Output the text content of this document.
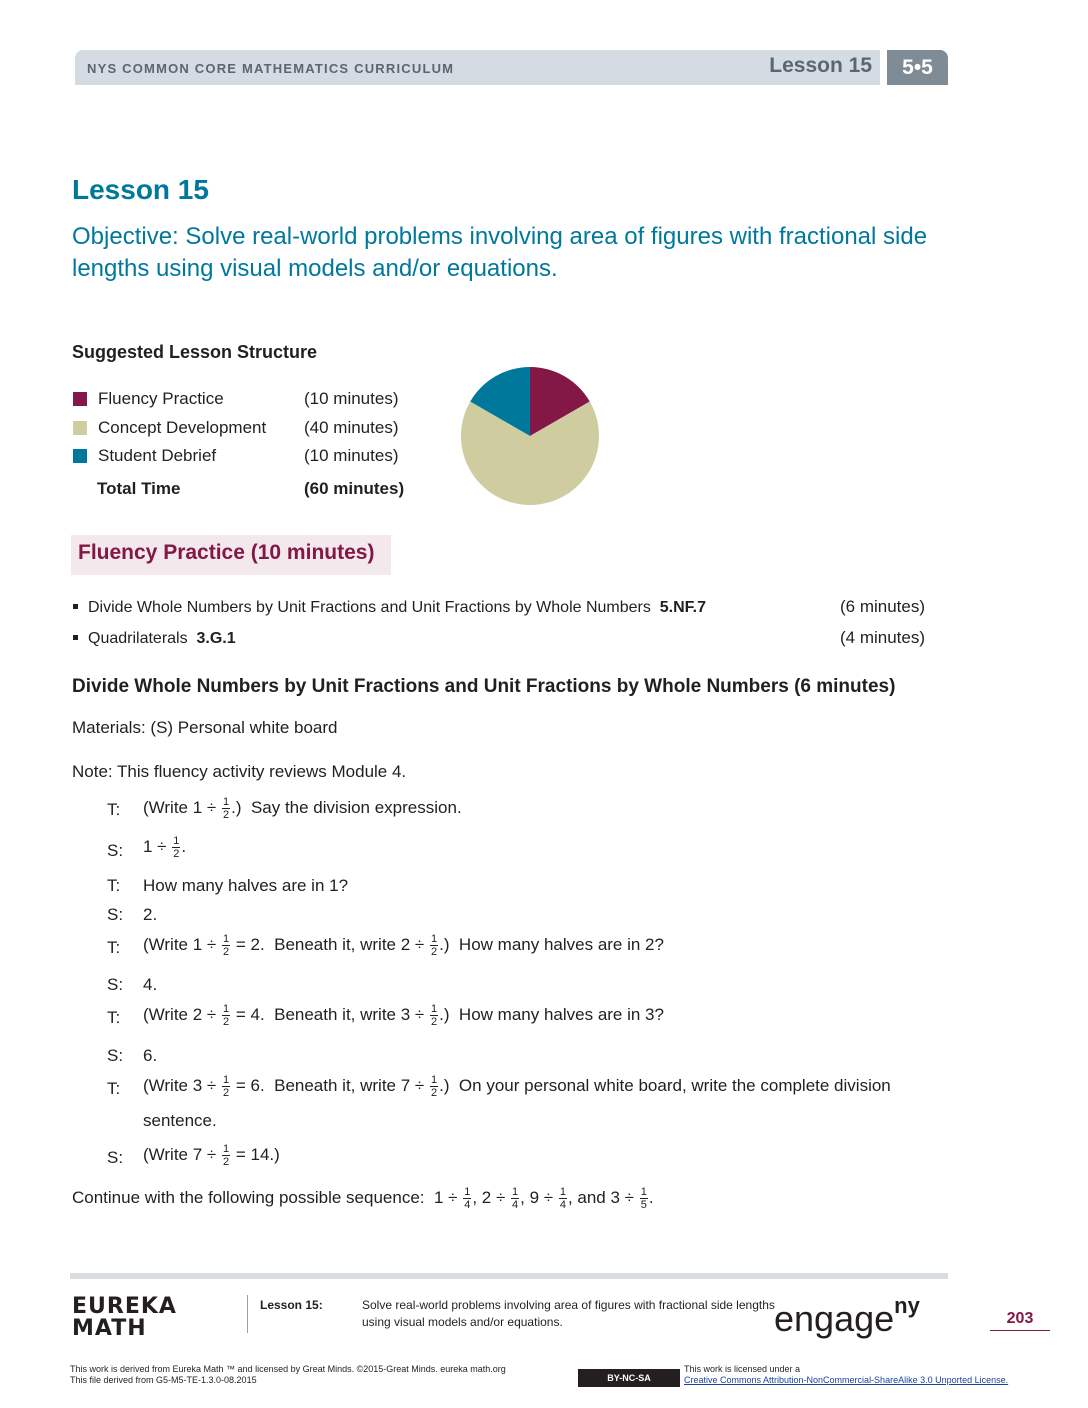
NYS COMMON CORE MATHEMATICS CURRICULUM	Lesson 15	5•5
Lesson 15
Objective: Solve real-world problems involving area of figures with fractional side lengths using visual models and/or equations.
Suggested Lesson Structure
Fluency Practice	(10 minutes)
Concept Development (40 minutes)
Student Debrief	(10 minutes)
Total Time	(60 minutes)
Fluency Practice (10 minutes)
Divide Whole Numbers by Unit Fractions and Unit Fractions by Whole Numbers 5.NF.7	(6 minutes)
Quadrilaterals 3.G.1	(4 minutes)
Divide Whole Numbers by Unit Fractions and Unit Fractions by Whole Numbers (6 minutes)
Materials: (S) Personal white board
Note: This fluency activity reviews Module 4.
T: (Write $1 \div \frac{1}{2}$ .)  Say the division expression.
S: $1 \div \frac{1}{2}$ .
T: How many halves are in 1?
S: 2.
T: (Write $1 \div \frac{1}{2} = 2$.  Beneath it, write $2 \div \frac{1}{2}$ .)  How many halves are in 2?
S: 4.
T: (Write $2 \div \frac{1}{2} = 4$.  Beneath it, write $3 \div \frac{1}{2}$ .)  How many halves are in 3?
S: 6.
T: (Write $3 \div \frac{1}{2} = 6$.  Beneath it, write $7 \div \frac{1}{2}$ .)  On your personal white board, write the complete division
sentence.
S: (Write $7 \div \frac{1}{2} = 14$.)
Continue with the following possible sequence:  $1 \div \frac{1}{4}$ , $2 \div \frac{1}{4}$ , $9 \div \frac{1}{4}$ , and $3 \div \frac{1}{5}$ .
EUREKA
MATH
Lesson 15:	Solve real-world problems involving area of figures with fractional side lengths using visual models and/or equations.	engage$^{ny}$
203
This work is derived from Eureka Math ™ and licensed by Great Minds. ©2015-Great Minds. eureka math.org
This file derived from G5-M5-TE-1.3.0-08.2015	BY-NC-SA
This work is licensed under a
Creative Commons Attribution-NonCommercial-ShareAlike 3.0 Unported License.
